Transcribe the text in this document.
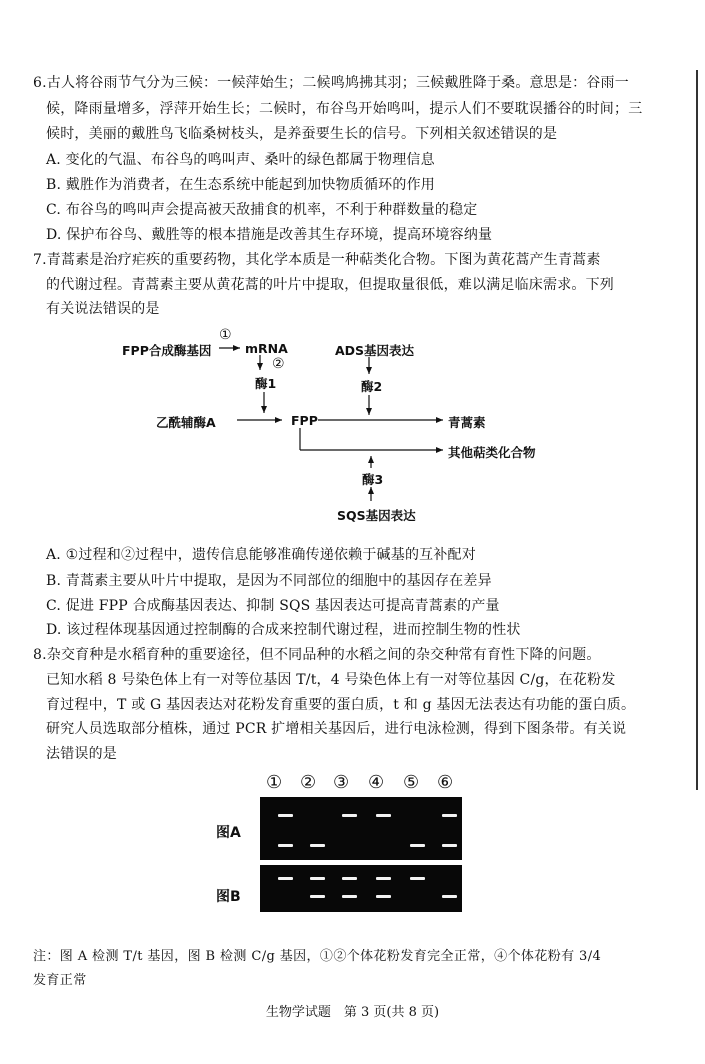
6.古人将谷雨节气分为三候：一候萍始生；二候鸣鸠拂其羽；三候戴胜降于桑。意思是：谷雨一
候，降雨量增多，浮萍开始生长；二候时，布谷鸟开始鸣叫，提示人们不要耽误播谷的时间；三
候时，美丽的戴胜鸟飞临桑树枝头，是养蚕要生长的信号。下列相关叙述错误的是
A. 变化的气温、布谷鸟的鸣叫声、桑叶的绿色都属于物理信息
B. 戴胜作为消费者，在生态系统中能起到加快物质循环的作用
C. 布谷鸟的鸣叫声会提高被天敌捕食的机率，不利于种群数量的稳定
D. 保护布谷鸟、戴胜等的根本措施是改善其生存环境，提高环境容纳量
7.青蒿素是治疗疟疾的重要药物，其化学本质是一种萜类化合物。下图为黄花蒿产生青蒿素
的代谢过程。青蒿素主要从黄花蒿的叶片中提取，但提取量很低，难以满足临床需求。下列
有关说法错误的是
FPP合成酶基因	mRNA
①
②
酶1
乙酰辅酶A	FPP
ADS基因表达
酶2
青蒿素
其他萜类化合物
酶3
SQS基因表达
A. ①过程和②过程中，遗传信息能够准确传递依赖于碱基的互补配对
B. 青蒿素主要从叶片中提取，是因为不同部位的细胞中的基因存在差异
C. 促进 FPP 合成酶基因表达、抑制 SQS 基因表达可提高青蒿素的产量
D. 该过程体现基因通过控制酶的合成来控制代谢过程，进而控制生物的性状
8.杂交育种是水稻育种的重要途径，但不同品种的水稻之间的杂交种常有育性下降的问题。
已知水稻 8 号染色体上有一对等位基因 T/t，4 号染色体上有一对等位基因 C/g，在花粉发
育过程中，T 或 G 基因表达对花粉发育重要的蛋白质，t 和 g 基因无法表达有功能的蛋白质。
研究人员选取部分植株，通过 PCR 扩增相关基因后，进行电泳检测，得到下图条带。有关说
法错误的是
① ② ③ ④ ⑤ ⑥
图A
图B
注：图 A 检测 T/t 基因，图 B 检测 C/g 基因，①②个体花粉发育完全正常，④个体花粉有 3/4
发育正常
生物学试题　第 3 页(共 8 页)
